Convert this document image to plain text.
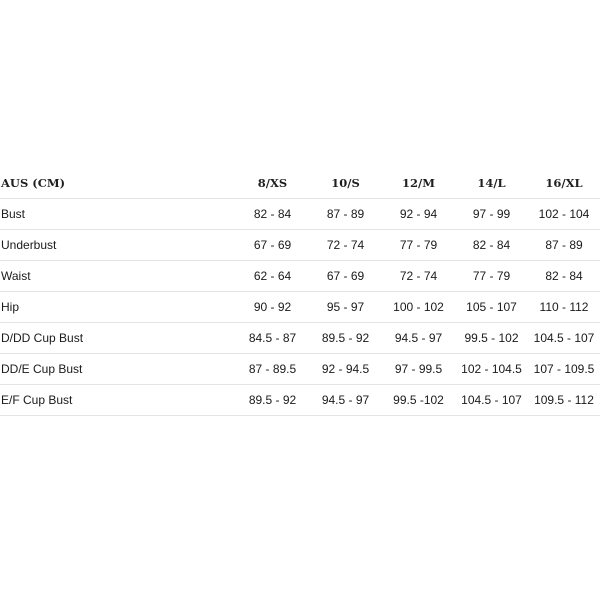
AUS (CM)	8/XS	10/S	12/M	14/L	16/XL
Bust	82 - 84	87 - 89	92 - 94	97 - 99	102 - 104
Underbust	67 - 69	72 - 74	77 - 79	82 - 84	87 - 89
Waist	62 - 64	67 - 69	72 - 74	77 - 79	82 - 84
Hip	90 - 92	95 - 97	100 - 102	105 - 107	110 - 112
D/DD Cup Bust	84.5 - 87	89.5 - 92	94.5 - 97	99.5 - 102	104.5 - 107
DD/E Cup Bust	87 - 89.5	92 - 94.5	97 - 99.5	102 - 104.5	107 - 109.5
E/F Cup Bust	89.5 - 92	94.5 - 97	99.5 -102	104.5 - 107	109.5 - 112
